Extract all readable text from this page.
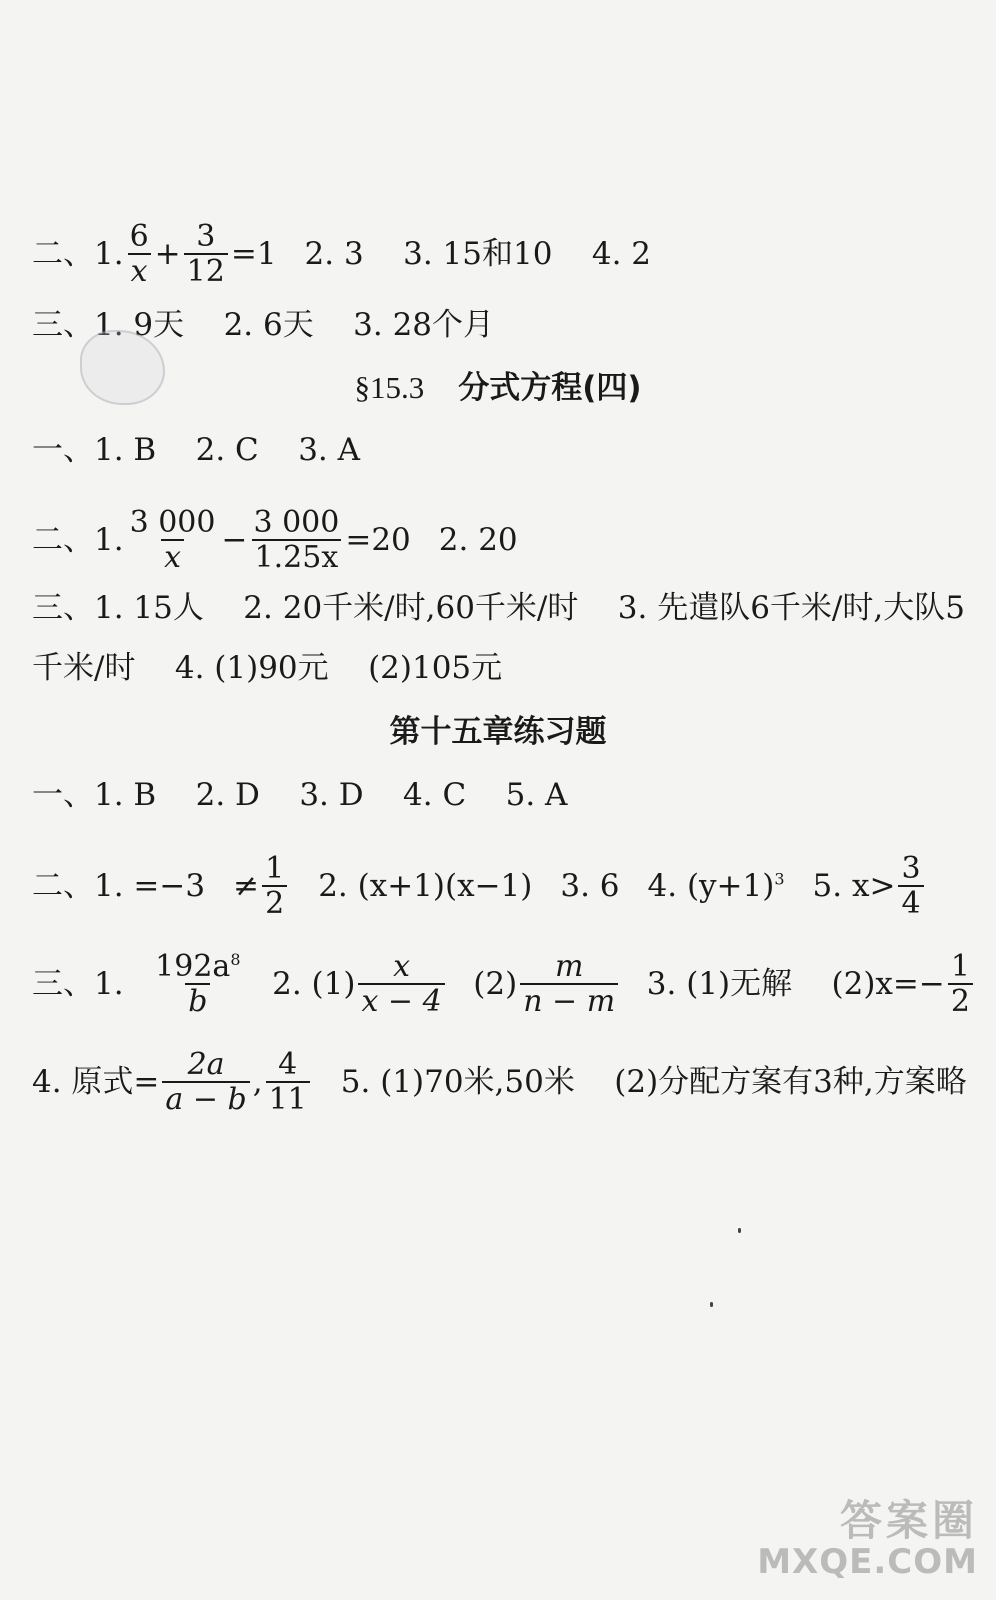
二、1. $\frac{6}{x} + \frac{3}{12} =1$ 2. 3    3. 15和10    4. 2
三、1. 9天    2. 6天    3. 28个月
§15.3 分式方程(四)
一、1. B    2. C    3. A
二、1. $\frac{3 000}{x} - \frac{3 000}{1.25x} =20$ 2. 20
三、1. 15人    2. 20千米/时,60千米/时    3. 先遣队6千米/时,大队5
千米/时    4. (1)90元    (2)105元
第十五章练习题
一、1. B    2. D    3. D    4. C    5. A
二、1. $=-3 \ne \frac{1}{2} 2$. (x+1)(x−1) 3. 6 4. $(y+1)^3$ 5. $x> \frac{3}{4}$
三、1. $\frac{192a^8}{b} 2$. $(1) \frac{x}{x - 4} (2) \frac{m}{n - m} 3$. (1)无解    $(2)x=- \frac{1}{2}$
4. 原式= $\frac{2a}{a - b}$ , $\frac{4}{11} 5$. (1)70米,50米    (2)分配方案有3种,方案略
答案圈
MXQE.COM
